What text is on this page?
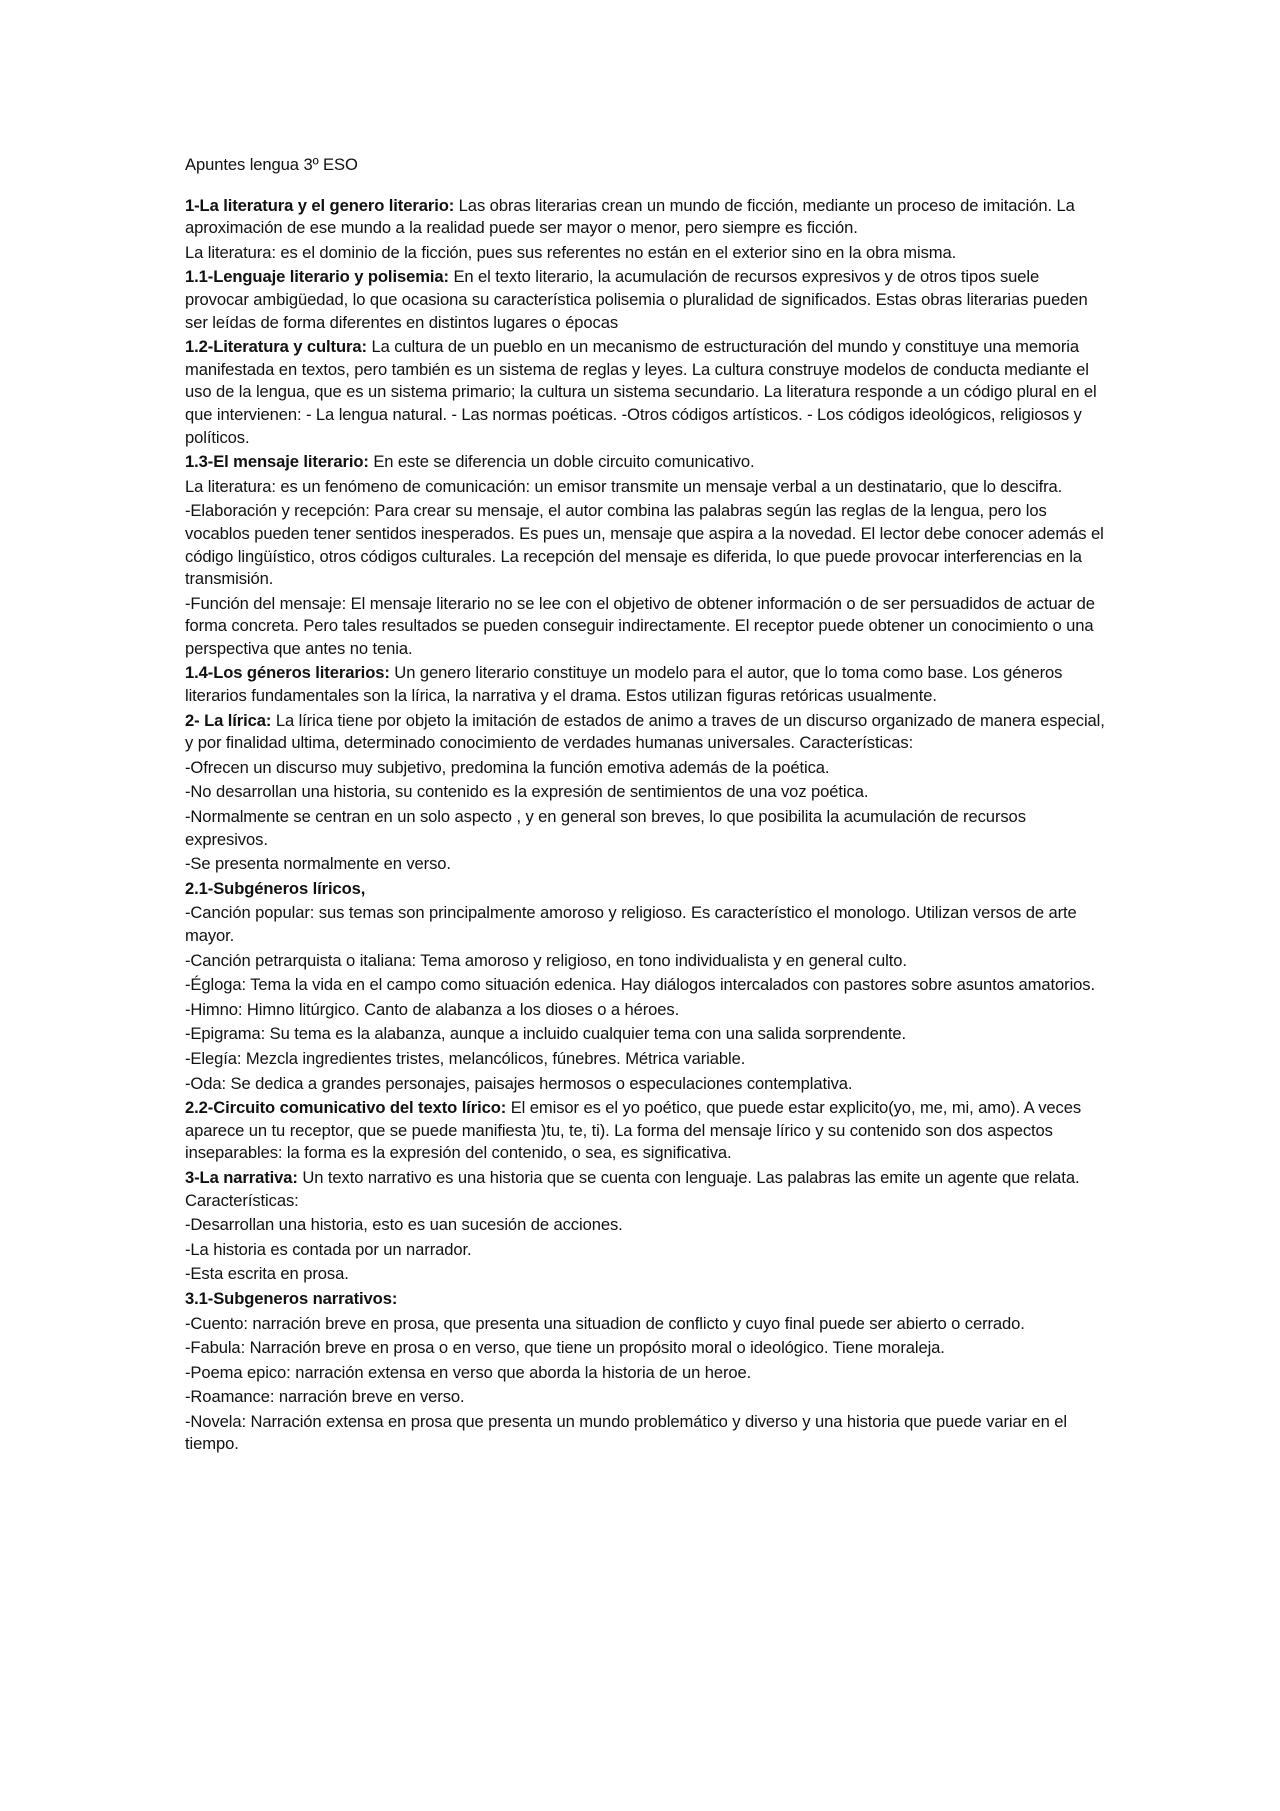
Apuntes lengua 3º ESO

1-La literatura y el genero literario: Las obras literarias crean un mundo de ficción, mediante un proceso de imitación. La aproximación de ese mundo a la realidad puede ser mayor o menor, pero siempre es ficción.

La literatura: es el dominio de la ficción, pues sus referentes no están en el exterior sino en la obra misma.

1.1-Lenguaje literario y polisemia: En el texto literario, la acumulación de recursos expresivos y de otros tipos suele provocar ambigüedad, lo que ocasiona su característica polisemia o pluralidad de significados. Estas obras literarias pueden ser leídas de forma diferentes en distintos lugares o épocas

1.2-Literatura y cultura: La cultura de un pueblo en un mecanismo de estructuración del mundo y constituye una memoria manifestada en textos, pero también es un sistema de reglas y leyes. La cultura construye modelos de conducta mediante el uso de la lengua, que es un sistema primario; la cultura un sistema secundario. La literatura responde a un código plural en el que intervienen: - La lengua natural. - Las normas poéticas. -Otros códigos artísticos. - Los códigos ideológicos, religiosos y políticos.

1.3-El mensaje literario: En este se diferencia un doble circuito comunicativo.

La literatura: es un fenómeno de comunicación: un emisor transmite un mensaje verbal a un destinatario, que lo descifra.

-Elaboración y recepción: Para crear su mensaje, el autor combina las palabras según las reglas de la lengua, pero los vocablos pueden tener sentidos inesperados. Es pues un, mensaje que aspira a la novedad. El lector debe conocer además el código lingüístico, otros códigos culturales. La recepción del mensaje es diferida, lo que puede provocar interferencias en la transmisión.

-Función del mensaje: El mensaje literario no se lee con el objetivo de obtener información o de ser persuadidos de actuar de forma concreta. Pero tales resultados se pueden conseguir indirectamente. El receptor puede obtener un conocimiento o una perspectiva que antes no tenia.

1.4-Los géneros literarios: Un genero literario constituye un modelo para el autor, que lo toma como base. Los géneros literarios fundamentales son la lírica, la narrativa y el drama. Estos utilizan figuras retóricas usualmente.

2- La lírica: La lírica tiene por objeto la imitación de estados de animo a traves de un discurso organizado de manera especial, y por finalidad ultima, determinado conocimiento de verdades humanas universales. Características:

-Ofrecen un discurso muy subjetivo, predomina la función emotiva además de la poética.

-No desarrollan una historia, su contenido es la expresión de sentimientos de una voz poética.

-Normalmente se centran en un solo aspecto , y en general son breves, lo que posibilita la acumulación de recursos expresivos.

-Se presenta normalmente en verso.

2.1-Subgéneros líricos,

-Canción popular: sus temas son principalmente amoroso y religioso. Es característico el monologo. Utilizan versos de arte mayor.

-Canción petrarquista o italiana: Tema amoroso y religioso, en tono individualista y en general culto.

-Égloga: Tema la vida en el campo como situación edenica. Hay diálogos intercalados con pastores sobre asuntos amatorios.

-Himno: Himno litúrgico. Canto de alabanza a los dioses o a héroes.

-Epigrama: Su tema es la alabanza, aunque a incluido cualquier tema con una salida sorprendente.

-Elegía: Mezcla ingredientes tristes, melancólicos, fúnebres. Métrica variable.

-Oda: Se dedica a grandes personajes, paisajes hermosos o especulaciones contemplativa.

2.2-Circuito comunicativo del texto lírico: El emisor es el yo poético, que puede estar explicito(yo, me, mi, amo). A veces aparece un tu receptor, que se puede manifiesta )tu, te, ti). La forma del mensaje lírico y su contenido son dos aspectos inseparables: la forma es la expresión del contenido, o sea, es significativa.

3-La narrativa: Un texto narrativo es una historia que se cuenta con lenguaje. Las palabras las emite un agente que relata. Características:

-Desarrollan una historia, esto es uan sucesión de acciones.

-La historia es contada por un narrador.

-Esta escrita en prosa.

3.1-Subgeneros narrativos:

-Cuento: narración breve en prosa, que presenta una situadion de conflicto y cuyo final puede ser abierto o cerrado.

-Fabula: Narración breve en prosa o en verso, que tiene un propósito moral o ideológico. Tiene moraleja.

-Poema epico: narración extensa en verso que aborda la historia de un heroe.

-Roamance: narración breve en verso.

-Novela: Narración extensa en prosa que presenta un mundo problemático y diverso y una historia que puede variar en el tiempo.
